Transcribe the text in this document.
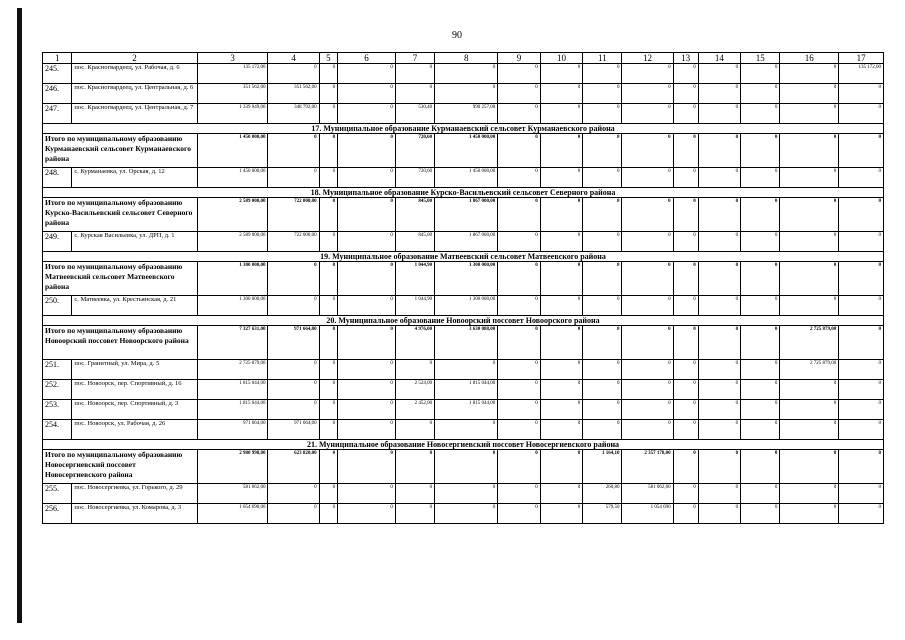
90
1	2	3	4	5	6	7	8	9	10	11	12	13	14	15	16	17
245.	пос. Красногвардеец, ул. Рабочая, д. 6	135 172,00	0	0	0	0	0	0	0	0	0	0	0	0	0	135 172,00
246.	пос. Красногвардеец, ул. Центральная, д. 6	351 562,00	351 562,00	0	0	0	0	0	0	0	0	0	0	0	0	0
247.	пос. Красногвардеец, ул. Центральная, д. 7	1 339 049,00	348 792,00	0	0	530,40	990 257,00	0	0	0	0	0	0	0	0	0
17. Муниципальное образование Курманаевский сельсовет Курманаевского района																
Итого по муниципальному образованию Курманаевский сельсовет Курманаевского района		1 450 000,00	0	0	0	720,60	1 450 000,00	0	0	0	0	0	0	0	0	0
248.	с. Курманаевка, ул. Орская, д. 12	1 450 000,00	0	0	0	720,60	1 450 000,00	0	0	0	0	0	0	0	0	0
18. Муниципальное образование Курско-Васильевский сельсовет Северного района																
Итого по муниципальному образованию Курско-Васильевский сельсовет Северного района		2 589 000,00	722 000,00	0	0	845,00	1 867 000,00	0	0	0	0	0	0	0	0	0
249.	с. Курская Васильевка, ул. ДРП, д. 1	2 589 000,00	722 000,00	0	0	845,00	1 867 000,00	0	0	0	0	0	0	0	0	0
19. Муниципальное образование Матвеевский сельсовет Матвеевского района																
Итого по муниципальному образованию Матвеевский сельсовет Матвеевского района		1 300 000,00	0	0	0	1 044,90	1 300 000,00	0	0	0	0	0	0	0	0	0
250.	с. Матвеевка, ул. Крестьянская, д. 21	1 300 000,00	0	0	0	1 044,90	1 300 000,00	0	0	0	0	0	0	0	0	0
20. Муниципальное образование Новоорский поссовет Новоорского района																
Итого по муниципальному образованию Новоорский поссовет Новоорского района		7 327 631,00	971 664,00	0	0	4 976,00	3 630 088,00	0	0	0	0	0	0	0	2 725 879,00	0
251.	пос. Гранитный, ул. Мира, д. 5	2 725 879,00	0	0	0	0	0	0	0	0	0	0	0	0	2 725 879,00	0
252.	пос. Новоорск, пер. Спортивный, д. 16	1 815 044,00	0	0	0	2 524,00	1 815 044,00	0	0	0	0	0	0	0	0	0
253.	пос. Новоорск, пер. Спортивный, д. 3	1 815 044,00	0	0	0	2 452,00	1 815 044,00	0	0	0	0	0	0	0	0	0
254.	пос. Новоорск, ул. Рабочая, д. 26	971 664,00	971 664,00	0	0	0	0	0	0	0	0	0	0	0	0	0
21. Муниципальное образование Новосергиевский поссовет Новосергиевского района																
Итого по муниципальному образованию Новосергиевский поссовет Новосергиевского района		2 980 998,00	623 820,00	0	0	0	0	0	0	1 164,10	2 357 178,00	0	0	0	0	0
255.	пос. Новосергиевка, ул. Горького, д. 29	581 062,00	0	0	0	0	0	0	0	260,80	581 062,00	0	0	0	0	0
256.	пос. Новосергиевка, ул. Комарова, д. 3	1 054 690,00	0	0	0	0	0	0	0	579,50	1 054 690	0	0	0	0	0
